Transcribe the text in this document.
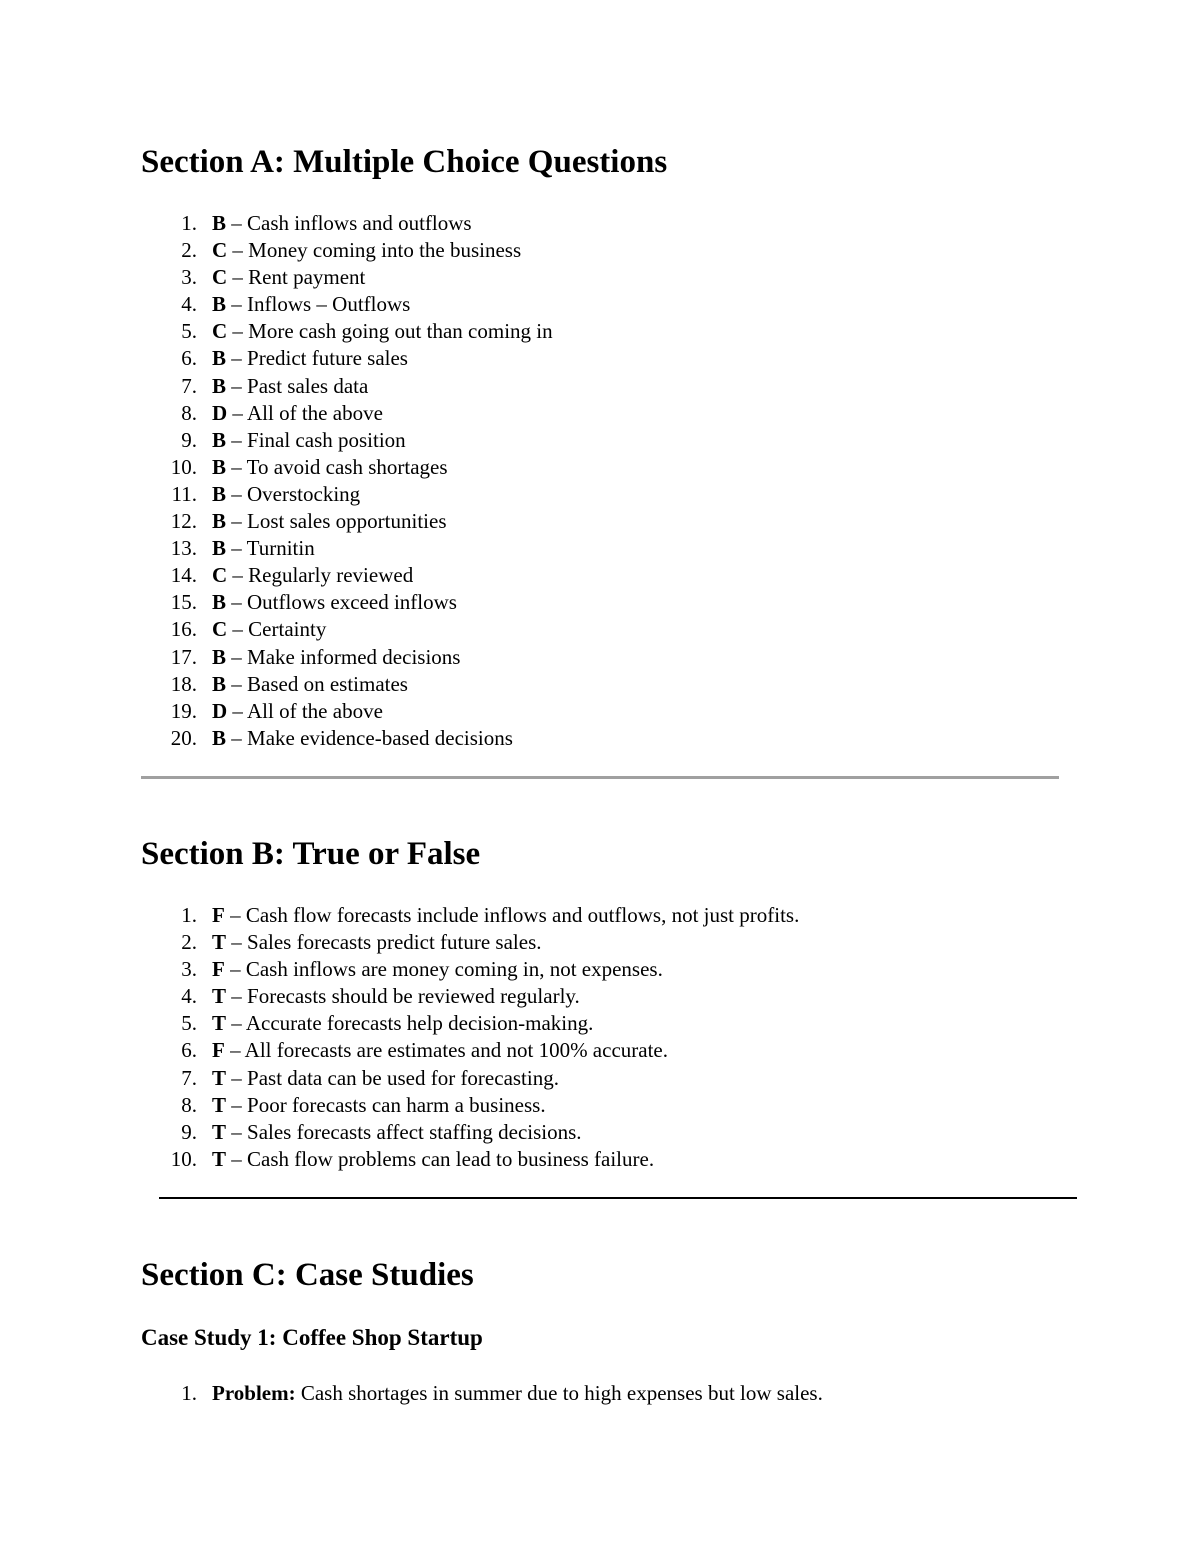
Section A: Multiple Choice Questions
1. B – Cash inflows and outflows
2. C – Money coming into the business
3. C – Rent payment
4. B – Inflows – Outflows
5. C – More cash going out than coming in
6. B – Predict future sales
7. B – Past sales data
8. D – All of the above
9. B – Final cash position
10. B – To avoid cash shortages
11. B – Overstocking
12. B – Lost sales opportunities
13. B – Turnitin
14. C – Regularly reviewed
15. B – Outflows exceed inflows
16. C – Certainty
17. B – Make informed decisions
18. B – Based on estimates
19. D – All of the above
20. B – Make evidence-based decisions
Section B: True or False
1. F – Cash flow forecasts include inflows and outflows, not just profits.
2. T – Sales forecasts predict future sales.
3. F – Cash inflows are money coming in, not expenses.
4. T – Forecasts should be reviewed regularly.
5. T – Accurate forecasts help decision-making.
6. F – All forecasts are estimates and not 100% accurate.
7. T – Past data can be used for forecasting.
8. T – Poor forecasts can harm a business.
9. T – Sales forecasts affect staffing decisions.
10. T – Cash flow problems can lead to business failure.
Section C: Case Studies
Case Study 1: Coffee Shop Startup
1. Problem: Cash shortages in summer due to high expenses but low sales.
